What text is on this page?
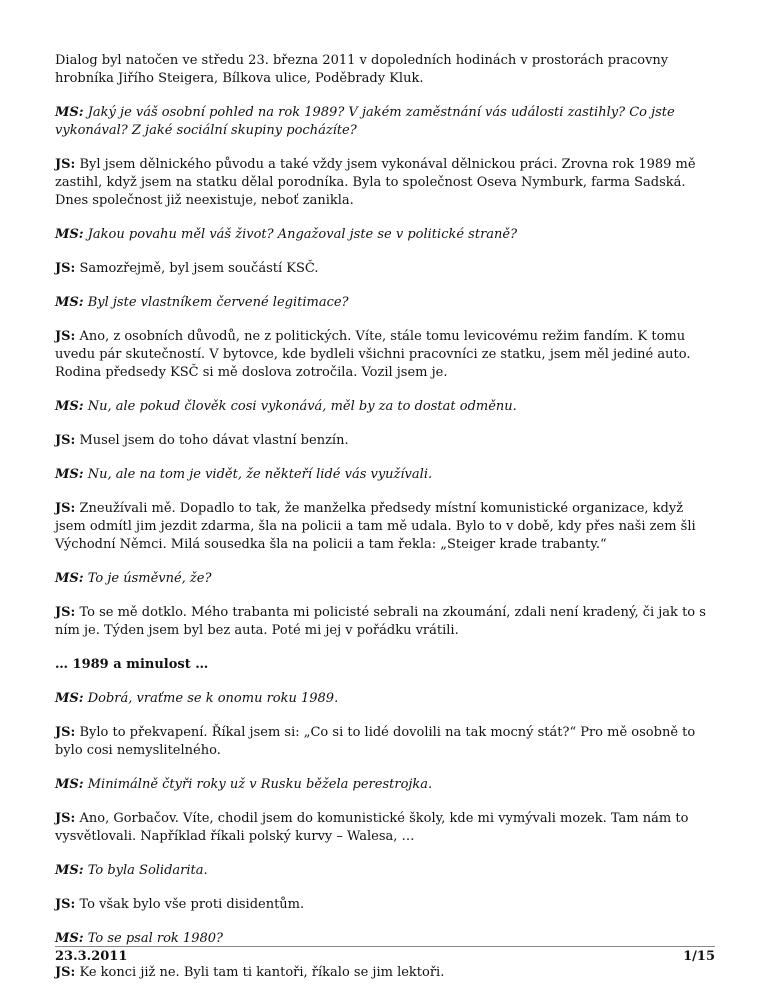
Dialog byl natočen ve středu 23. března 2011 v dopoledních hodinách v prostorách pracovny hrobníka Jiřího Steigera, Bílkova ulice, Poděbrady Kluk.

MS: Jaký je váš osobní pohled na rok 1989? V jakém zaměstnání vás události zastihly? Co jste vykonával? Z jaké sociální skupiny pocházíte?

JS: Byl jsem dělnického původu a také vždy jsem vykonával dělnickou práci. Zrovna rok 1989 mě zastihl, když jsem na statku dělal porodníka. Byla to společnost Oseva Nymburk, farma Sadská. Dnes společnost již neexistuje, neboť zanikla.

MS: Jakou povahu měl váš život? Angažoval jste se v politické straně?

JS: Samozřejmě, byl jsem součástí KSČ.

MS: Byl jste vlastníkem červené legitimace?

JS: Ano, z osobních důvodů, ne z politických. Víte, stále tomu levicovému režim fandím. K tomu uvedu pár skutečností. V bytovce, kde bydleli všichni pracovníci ze statku, jsem měl jediné auto. Rodina předsedy KSČ si mě doslova zotročila. Vozil jsem je.

MS: Nu, ale pokud člověk cosi vykonává, měl by za to dostat odměnu.

JS: Musel jsem do toho dávat vlastní benzín.

MS: Nu, ale na tom je vidět, že někteří lidé vás využívali.

JS: Zneužívali mě. Dopadlo to tak, že manželka předsedy místní komunistické organizace, když jsem odmítl jim jezdit zdarma, šla na policii a tam mě udala. Bylo to v době, kdy přes naši zem šli Východní Němci. Milá sousedka šla na policii a tam řekla: „Steiger krade trabanty.“

MS: To je úsměvné, že?

JS: To se mě dotklo. Mého trabanta mi policisté sebrali na zkoumání, zdali není kradený, či jak to s ním je. Týden jsem byl bez auta. Poté mi jej v pořádku vrátili.

… 1989 a minulost …

MS: Dobrá, vraťme se k onomu roku 1989.

JS: Bylo to překvapení. Říkal jsem si: „Co si to lidé dovolili na tak mocný stát?“ Pro mě osobně to bylo cosi nemyslitelného.

MS: Minimálně čtyři roky už v Rusku běžela perestrojka.

JS: Ano, Gorbačov. Víte, chodil jsem do komunistické školy, kde mi vymývali mozek. Tam nám to vysvětlovali. Například říkali polský kurvy – Walesa, …

MS: To byla Solidarita.

JS: To však bylo vše proti disidentům.

MS: To se psal rok 1980?

JS: Ke konci již ne. Byli tam ti kantoři, říkalo se jim lektoři.

23.3.2011	1/15
